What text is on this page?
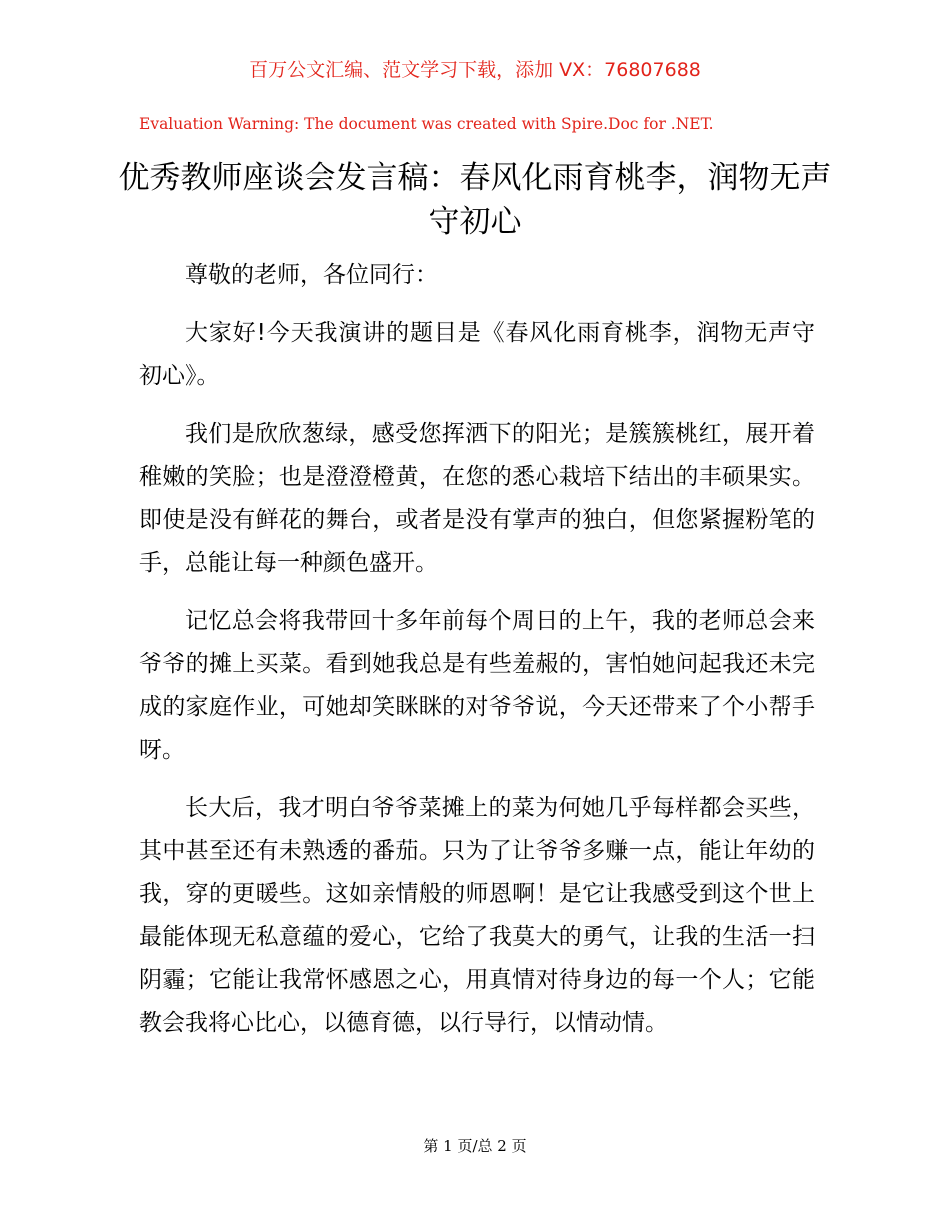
百万公文汇编、范文学习下载，添加 VX：76807688
Evaluation Warning: The document was created with Spire.Doc for .NET.
优秀教师座谈会发言稿：春风化雨育桃李，润物无声守初心

尊敬的老师，各位同行：

大家好!今天我演讲的题目是《春风化雨育桃李，润物无声守初心》。

我们是欣欣葱绿，感受您挥洒下的阳光；是簇簇桃红，展开着稚嫩的笑脸；也是澄澄橙黄，在您的悉心栽培下结出的丰硕果实。即使是没有鲜花的舞台，或者是没有掌声的独白，但您紧握粉笔的手，总能让每一种颜色盛开。

记忆总会将我带回十多年前每个周日的上午，我的老师总会来爷爷的摊上买菜。看到她我总是有些羞赧的，害怕她问起我还未完成的家庭作业，可她却笑眯眯的对爷爷说，今天还带来了个小帮手呀。

长大后，我才明白爷爷菜摊上的菜为何她几乎每样都会买些，其中甚至还有未熟透的番茄。只为了让爷爷多赚一点，能让年幼的我，穿的更暖些。这如亲情般的师恩啊！是它让我感受到这个世上最能体现无私意蕴的爱心，它给了我莫大的勇气，让我的生活一扫阴霾；它能让我常怀感恩之心，用真情对待身边的每一个人；它能教会我将心比心，以德育德，以行导行，以情动情。

第 1 页/总 2 页
